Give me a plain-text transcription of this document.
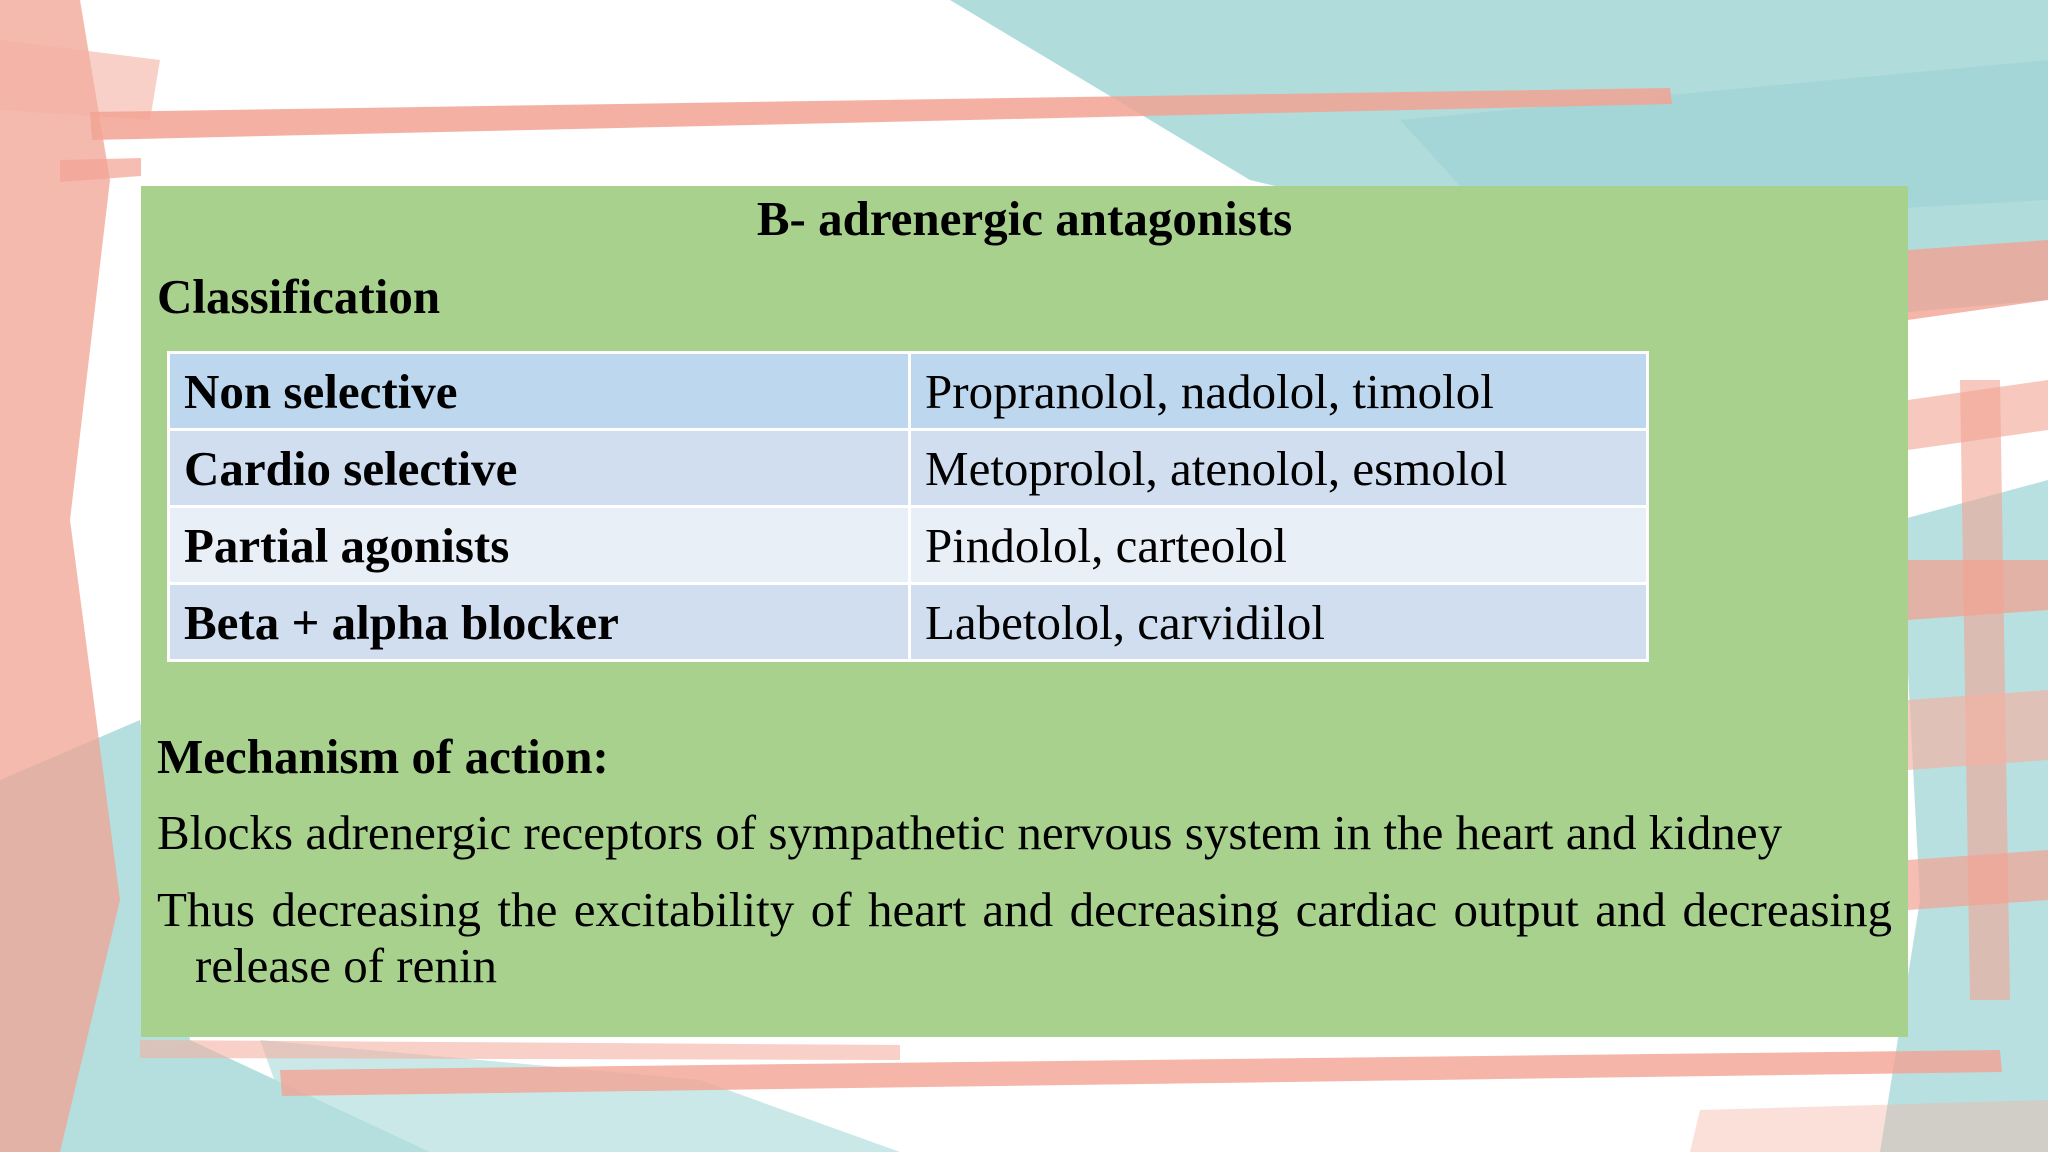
B- adrenergic antagonists
Classification
Non selective	Propranolol, nadolol, timolol
Cardio selective	Metoprolol, atenolol, esmolol
Partial agonists	Pindolol, carteolol
Beta + alpha blocker	Labetolol, carvidilol
Mechanism of action:

Blocks adrenergic receptors of sympathetic nervous system in the heart and kidney

Thus decreasing the excitability of heart and decreasing cardiac output and decreasing release of renin
